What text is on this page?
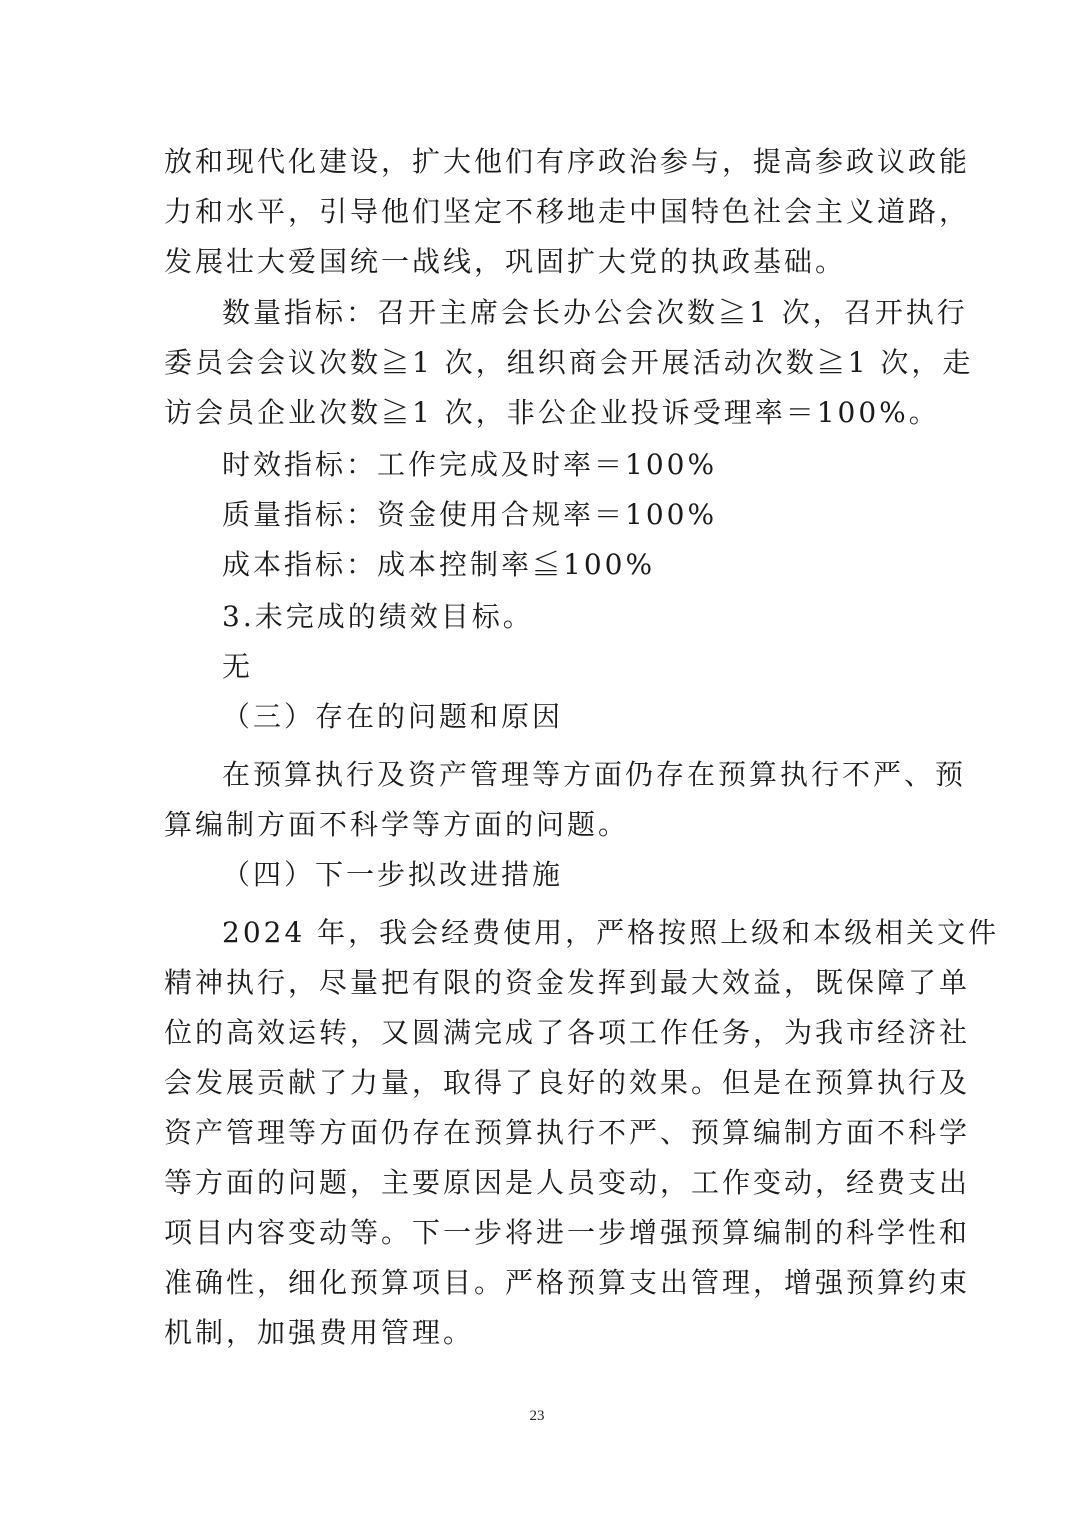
放和现代化建设，扩大他们有序政治参与，提高参政议政能
力和水平，引导他们坚定不移地走中国特色社会主义道路，
发展壮大爱国统一战线，巩固扩大党的执政基础。
数量指标：召开主席会长办公会次数≧1 次，召开执行
委员会会议次数≧1 次，组织商会开展活动次数≧1 次，走
访会员企业次数≧1 次，非公企业投诉受理率＝100%。
时效指标：工作完成及时率＝100%
质量指标：资金使用合规率＝100%
成本指标：成本控制率≦100%
3.未完成的绩效目标。
无
（三）存在的问题和原因
在预算执行及资产管理等方面仍存在预算执行不严、预
算编制方面不科学等方面的问题。
（四）下一步拟改进措施
2024 年，我会经费使用，严格按照上级和本级相关文件
精神执行，尽量把有限的资金发挥到最大效益，既保障了单
位的高效运转，又圆满完成了各项工作任务，为我市经济社
会发展贡献了力量，取得了良好的效果。但是在预算执行及
资产管理等方面仍存在预算执行不严、预算编制方面不科学
等方面的问题，主要原因是人员变动，工作变动，经费支出
项目内容变动等。下一步将进一步增强预算编制的科学性和
准确性，细化预算项目。严格预算支出管理，增强预算约束
机制，加强费用管理。
23
